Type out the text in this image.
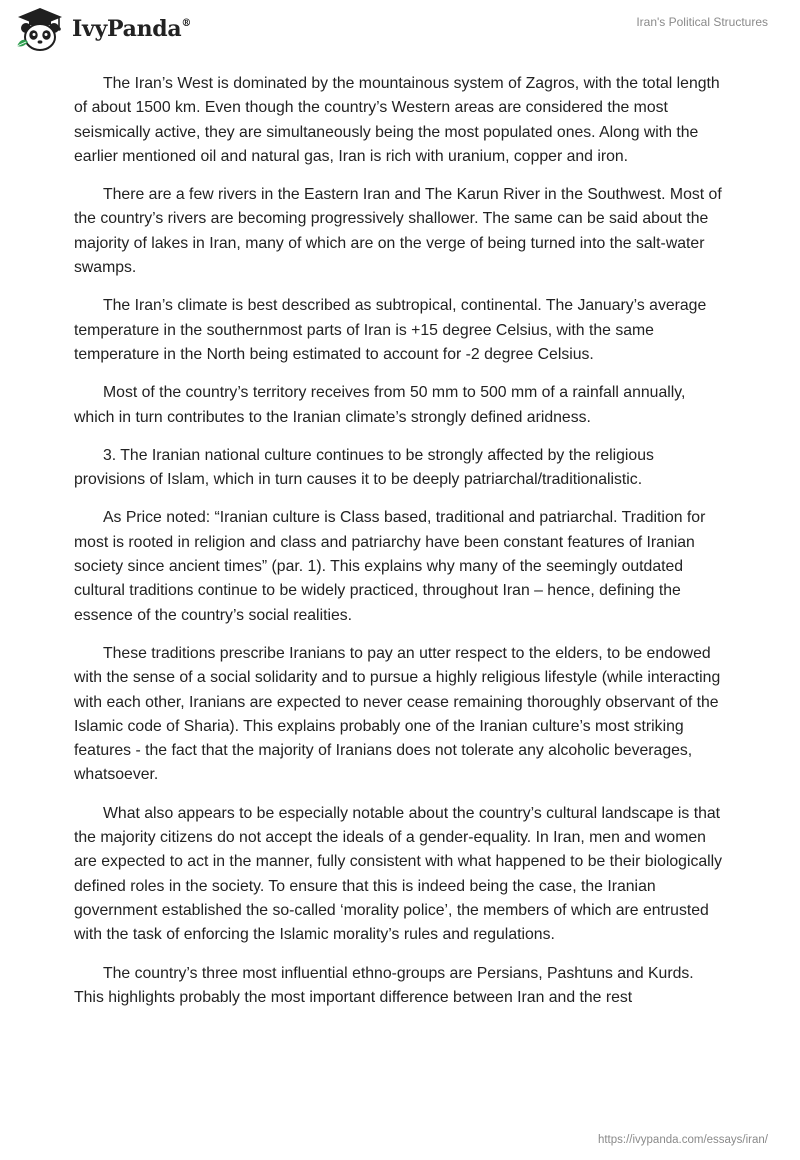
IvyPanda®	Iran's Political Structures

The Iran’s West is dominated by the mountainous system of Zagros, with the total length of about 1500 km. Even though the country’s Western areas are considered the most seismically active, they are simultaneously being the most populated ones. Along with the earlier mentioned oil and natural gas, Iran is rich with uranium, copper and iron.

There are a few rivers in the Eastern Iran and The Karun River in the Southwest. Most of the country’s rivers are becoming progressively shallower. The same can be said about the majority of lakes in Iran, many of which are on the verge of being turned into the salt-water swamps.

The Iran’s climate is best described as subtropical, continental. The January’s average temperature in the southernmost parts of Iran is +15 degree Celsius, with the same temperature in the North being estimated to account for -2 degree Celsius.

Most of the country’s territory receives from 50 mm to 500 mm of a rainfall annually, which in turn contributes to the Iranian climate’s strongly defined aridness.

3. The Iranian national culture continues to be strongly affected by the religious provisions of Islam, which in turn causes it to be deeply patriarchal/traditionalistic.

As Price noted: “Iranian culture is Class based, traditional and patriarchal. Tradition for most is rooted in religion and class and patriarchy have been constant features of Iranian society since ancient times” (par. 1). This explains why many of the seemingly outdated cultural traditions continue to be widely practiced, throughout Iran – hence, defining the essence of the country’s social realities.

These traditions prescribe Iranians to pay an utter respect to the elders, to be endowed with the sense of a social solidarity and to pursue a highly religious lifestyle (while interacting with each other, Iranians are expected to never cease remaining thoroughly observant of the Islamic code of Sharia). This explains probably one of the Iranian culture’s most striking features - the fact that the majority of Iranians does not tolerate any alcoholic beverages, whatsoever.

What also appears to be especially notable about the country’s cultural landscape is that the majority citizens do not accept the ideals of a gender-equality. In Iran, men and women are expected to act in the manner, fully consistent with what happened to be their biologically defined roles in the society. To ensure that this is indeed being the case, the Iranian government established the so-called ‘morality police’, the members of which are entrusted with the task of enforcing the Islamic morality’s rules and regulations.

The country’s three most influential ethno-groups are Persians, Pashtuns and Kurds. This highlights probably the most important difference between Iran and the rest

https://ivypanda.com/essays/iran/
